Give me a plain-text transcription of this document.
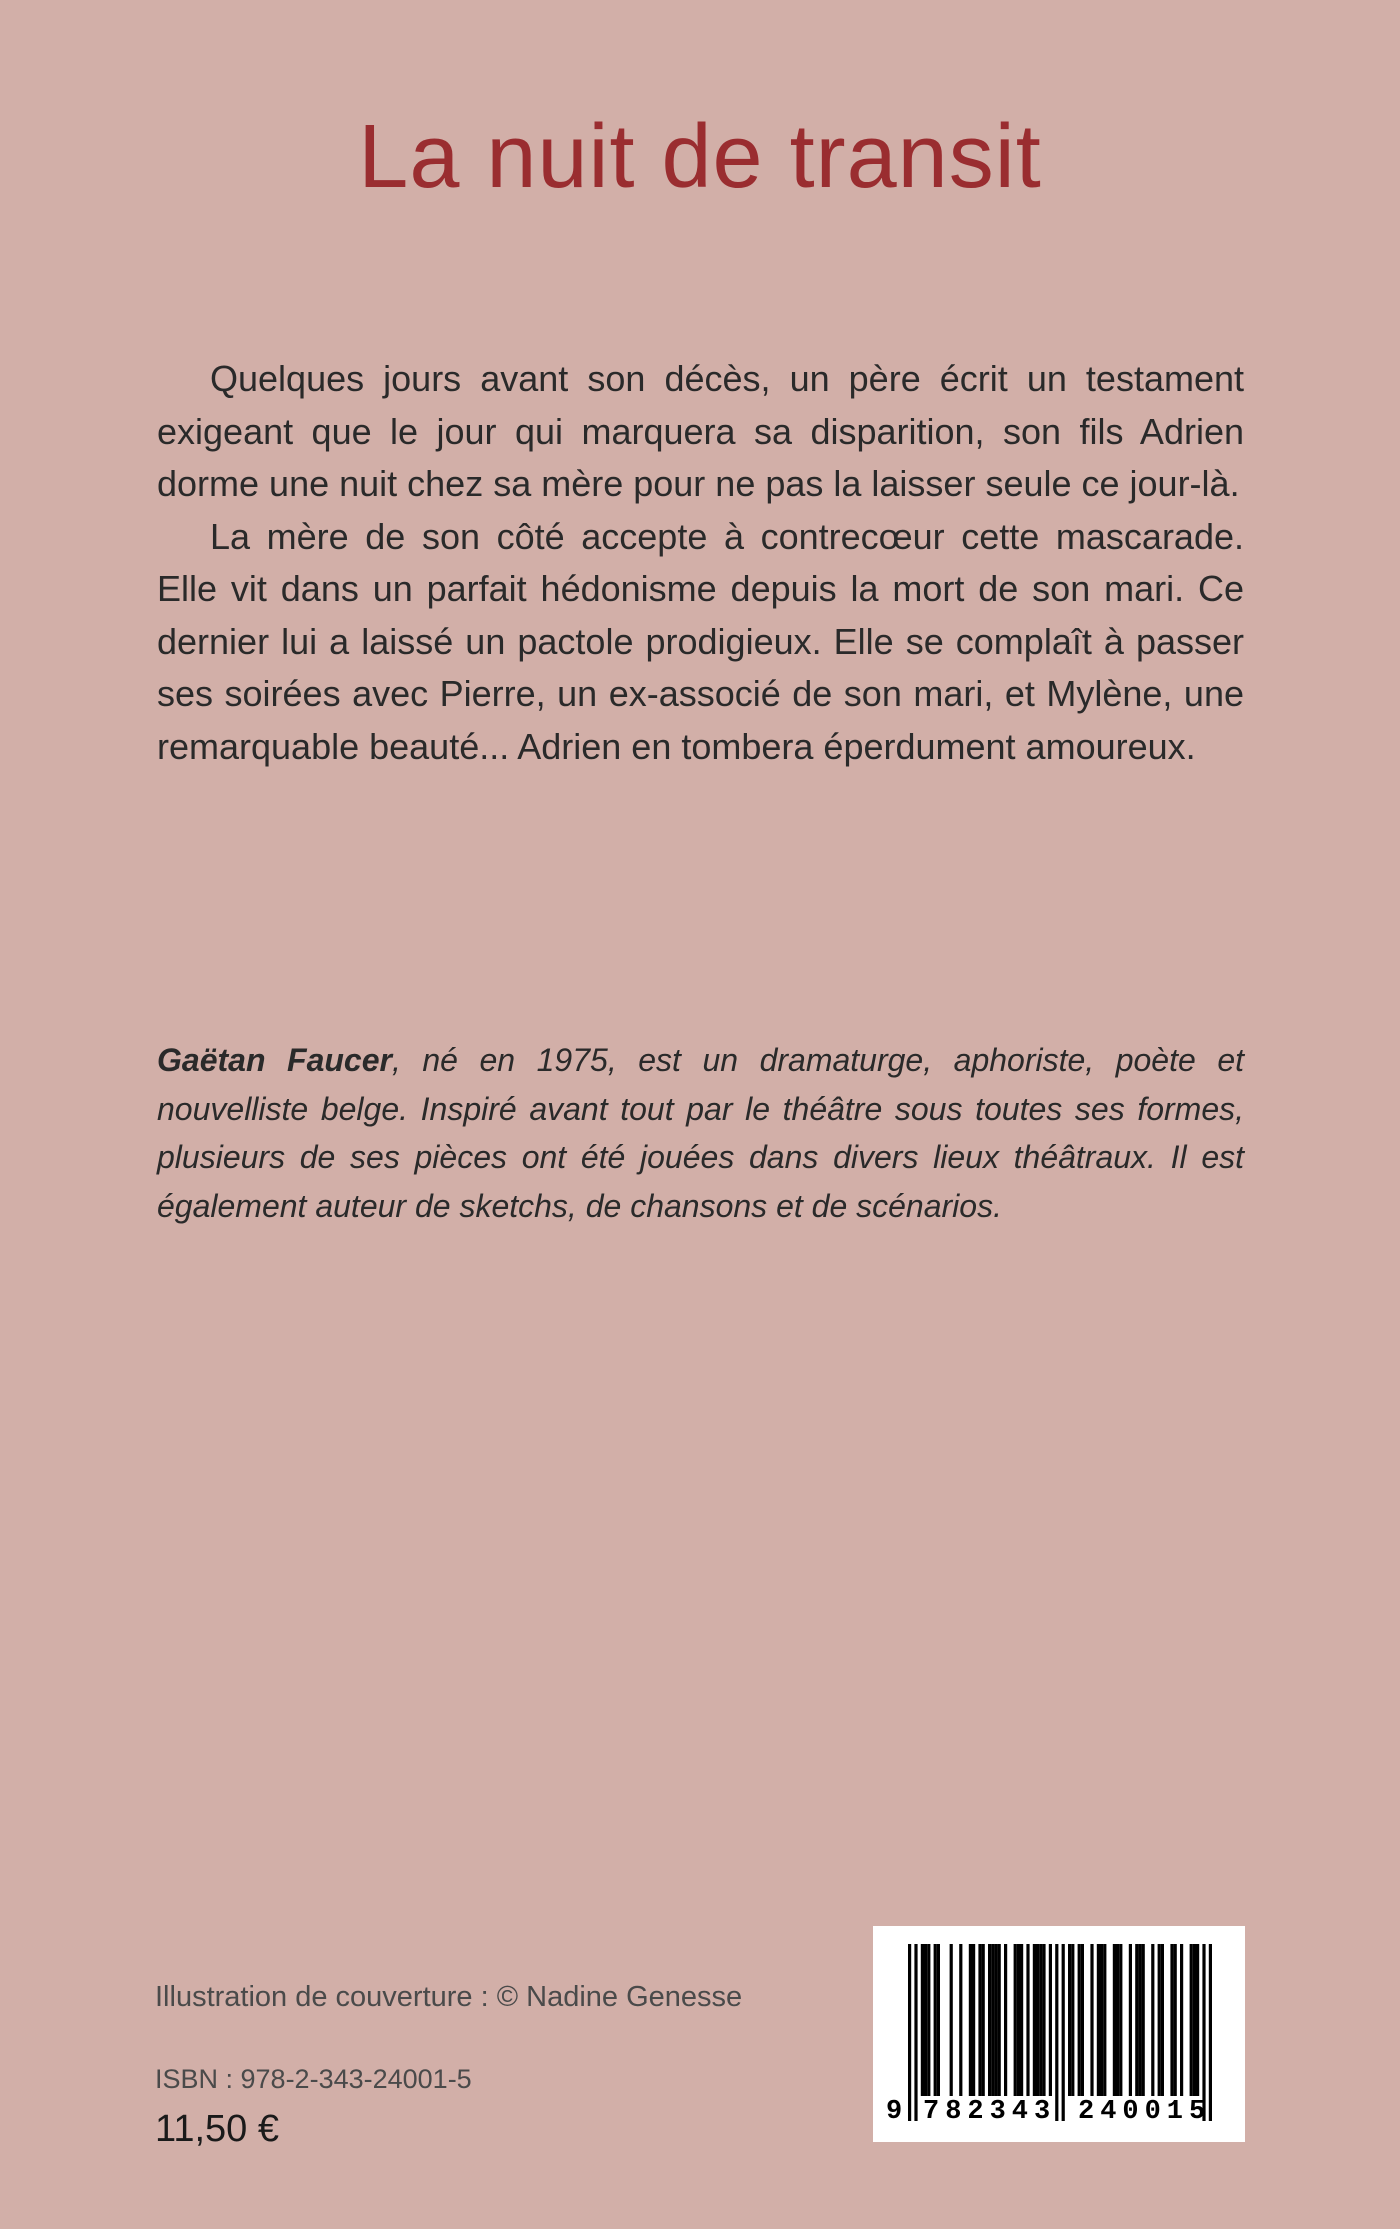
La nuit de transit

Quelques jours avant son décès, un père écrit un testament exigeant que le jour qui marquera sa disparition, son fils Adrien dorme une nuit chez sa mère pour ne pas la laisser seule ce jour-là.

La mère de son côté accepte à contrecœur cette mascarade. Elle vit dans un parfait hédonisme depuis la mort de son mari. Ce dernier lui a laissé un pactole prodigieux. Elle se complaît à passer ses soirées avec Pierre, un ex-associé de son mari, et Mylène, une remarquable beauté... Adrien en tombera éperdument amoureux.

Gaëtan Faucer, né en 1975, est un dramaturge, aphoriste, poète et nouvelliste belge. Inspiré avant tout par le théâtre sous toutes ses formes, plusieurs de ses pièces ont été jouées dans divers lieux théâtraux. Il est également auteur de sketchs, de chansons et de scénarios.

Illustration de couverture : © Nadine Genesse

ISBN : 978-2-343-24001-5

11,50 €	9 782343 240015
